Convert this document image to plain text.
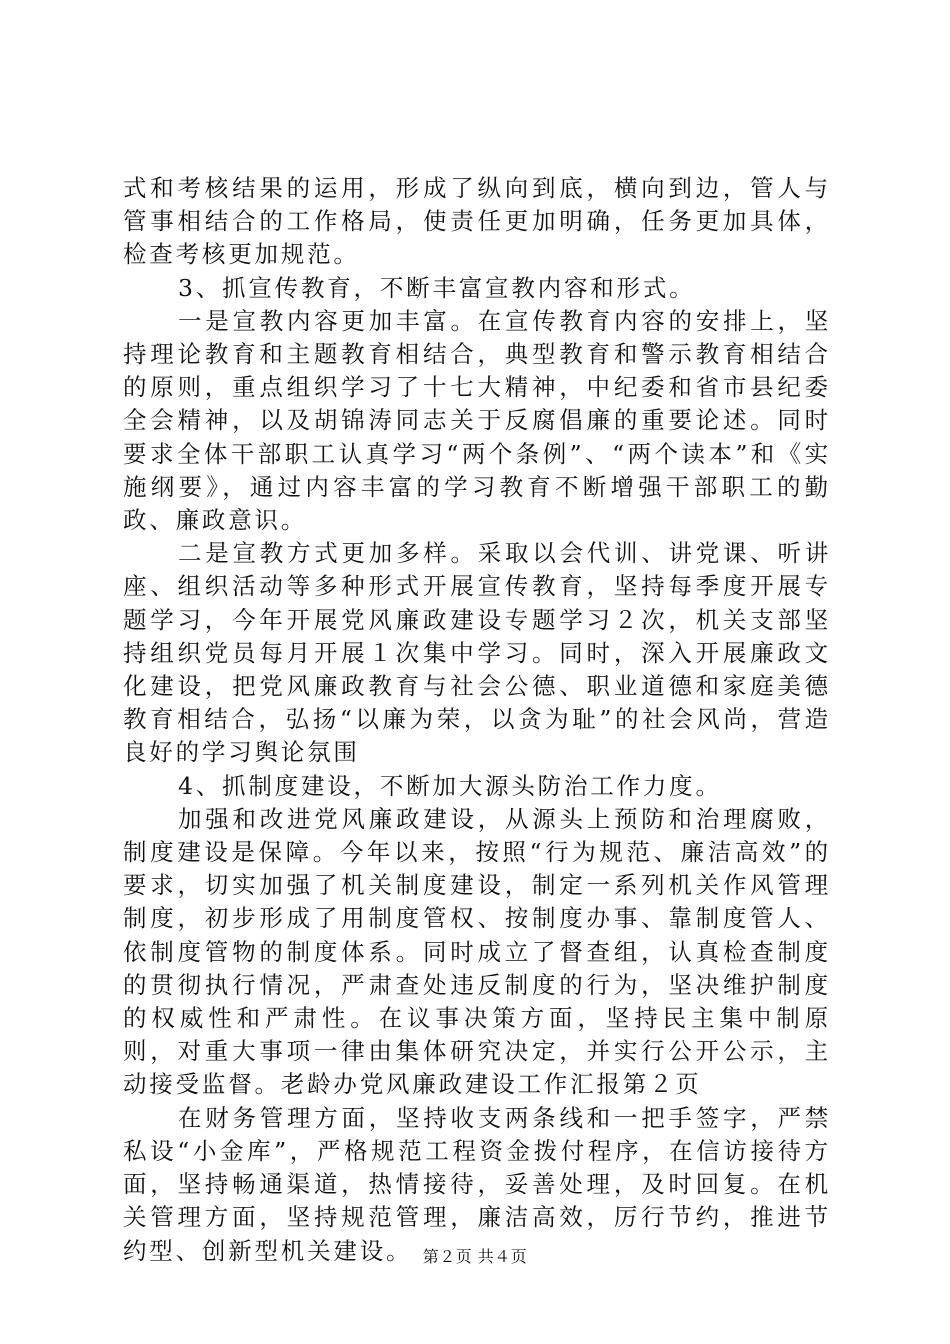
式和考核结果的运用，形成了纵向到底，横向到边，管人与管事相结合的工作格局，使责任更加明确，任务更加具体，检查考核更加规范。

3、抓宣传教育，不断丰富宣教内容和形式。

一是宣教内容更加丰富。在宣传教育内容的安排上，坚持理论教育和主题教育相结合，典型教育和警示教育相结合的原则，重点组织学习了十七大精神，中纪委和省市县纪委全会精神，以及胡锦涛同志关于反腐倡廉的重要论述。同时要求全体干部职工认真学习“两个条例”、“两个读本”和《实施纲要》，通过内容丰富的学习教育不断增强干部职工的勤政、廉政意识。

二是宣教方式更加多样。采取以会代训、讲党课、听讲座、组织活动等多种形式开展宣传教育，坚持每季度开展专题学习，今年开展党风廉政建设专题学习２次，机关支部坚持组织党员每月开展１次集中学习。同时，深入开展廉政文化建设，把党风廉政教育与社会公德、职业道德和家庭美德教育相结合，弘扬“以廉为荣，以贪为耻”的社会风尚，营造良好的学习舆论氛围

4、抓制度建设，不断加大源头防治工作力度。

加强和改进党风廉政建设，从源头上预防和治理腐败，制度建设是保障。今年以来，按照“行为规范、廉洁高效”的要求，切实加强了机关制度建设，制定一系列机关作风管理制度，初步形成了用制度管权、按制度办事、靠制度管人、依制度管物的制度体系。同时成立了督查组，认真检查制度的贯彻执行情况，严肃查处违反制度的行为，坚决维护制度的权威性和严肃性。在议事决策方面，坚持民主集中制原则，对重大事项一律由集体研究决定，并实行公开公示，主动接受监督。老龄办党风廉政建设工作汇报第２页

在财务管理方面，坚持收支两条线和一把手签字，严禁私设“小金库”，严格规范工程资金拨付程序，在信访接待方面，坚持畅通渠道，热情接待，妥善处理，及时回复。在机关管理方面，坚持规范管理，廉洁高效，厉行节约，推进节约型、创新型机关建设。 第２页 共４页
